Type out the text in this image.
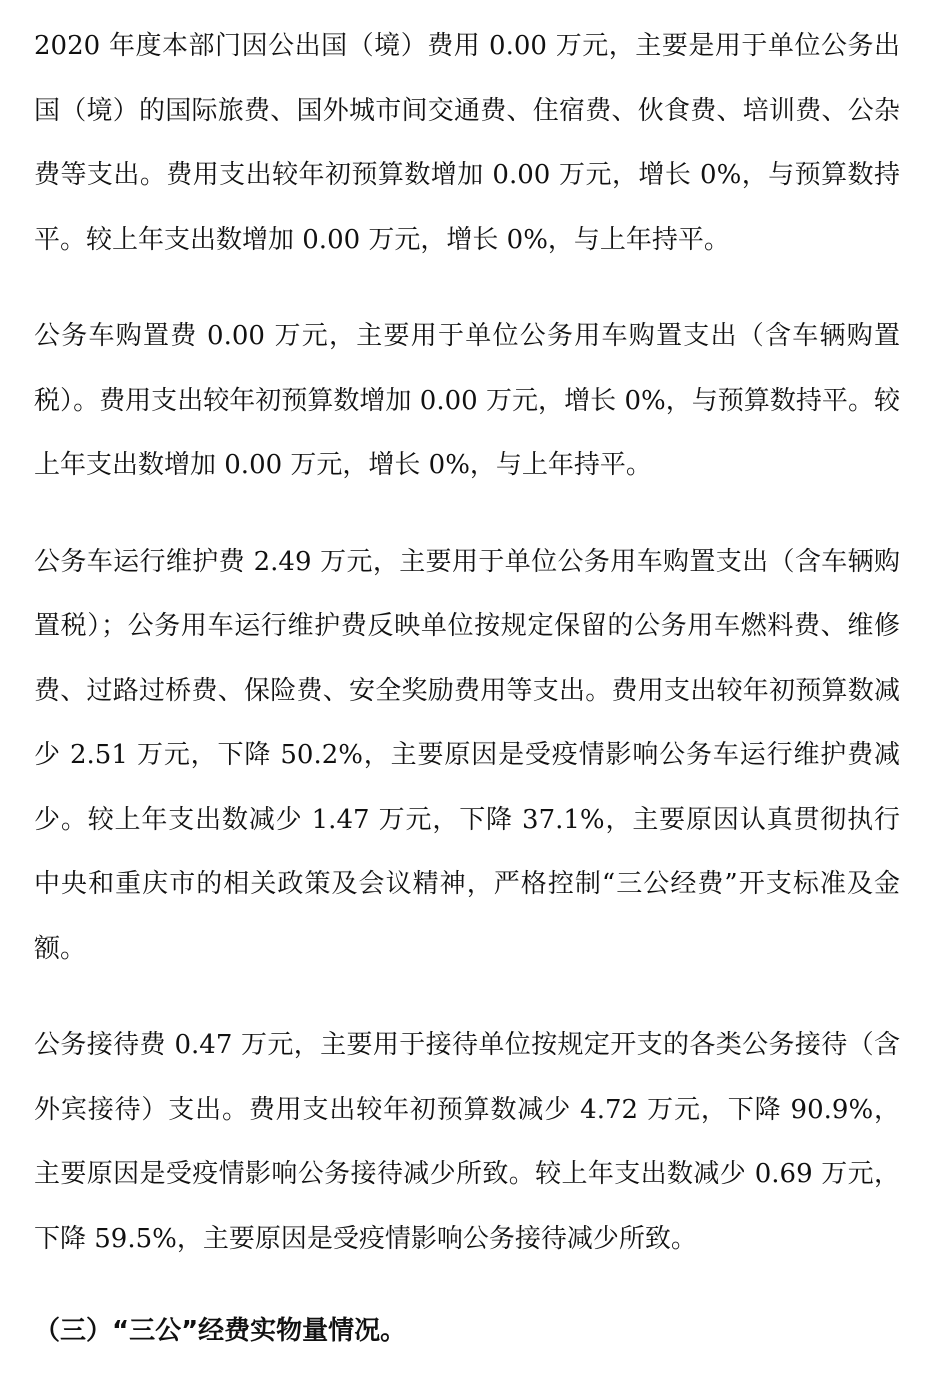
2020 年度本部门因公出国（境）费用 0.00 万元，主要是用于单位公务出国（境）的国际旅费、国外城市间交通费、住宿费、伙食费、培训费、公杂费等支出。费用支出较年初预算数增加 0.00 万元，增长 0%，与预算数持平。较上年支出数增加 0.00 万元，增长 0%，与上年持平。

公务车购置费 0.00 万元，主要用于单位公务用车购置支出（含车辆购置税）。费用支出较年初预算数增加 0.00 万元，增长 0%，与预算数持平。较上年支出数增加 0.00 万元，增长 0%，与上年持平。

公务车运行维护费 2.49 万元，主要用于单位公务用车购置支出（含车辆购置税）；公务用车运行维护费反映单位按规定保留的公务用车燃料费、维修费、过路过桥费、保险费、安全奖励费用等支出。费用支出较年初预算数减少 2.51 万元，下降 50.2%，主要原因是受疫情影响公务车运行维护费减少。较上年支出数减少 1.47 万元，下降 37.1%，主要原因认真贯彻执行中央和重庆市的相关政策及会议精神，严格控制“三公经费”开支标准及金额。

公务接待费 0.47 万元，主要用于接待单位按规定开支的各类公务接待（含外宾接待）支出。费用支出较年初预算数减少 4.72 万元，下降 90.9%，主要原因是受疫情影响公务接待减少所致。较上年支出数减少 0.69 万元，下降 59.5%，主要原因是受疫情影响公务接待减少所致。

（三）“三公”经费实物量情况。
